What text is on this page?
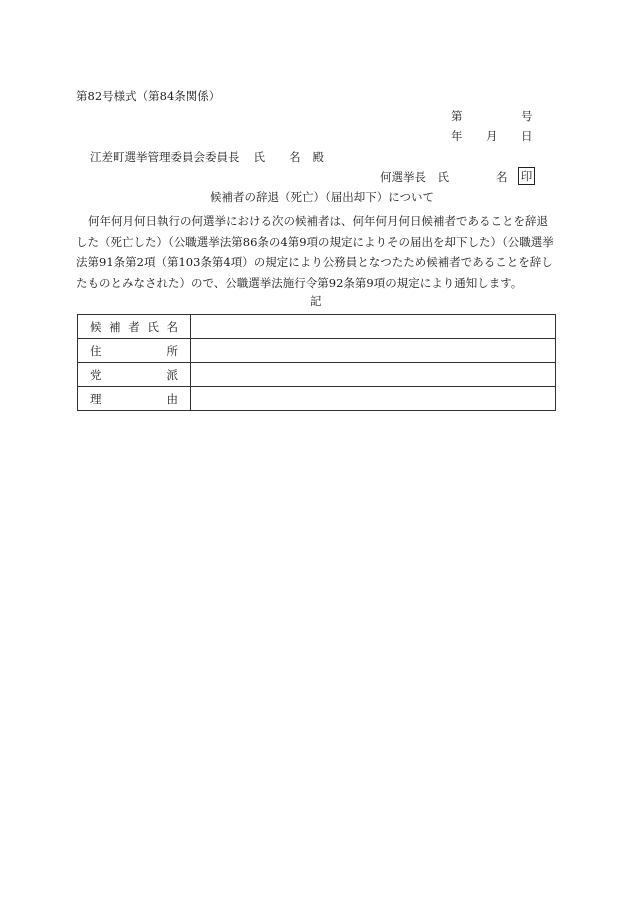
第82号様式（第84条関係）
第	号
年 月 日
江差町選挙管理委員会委員長 氏 名 殿
何選挙長　氏	名 印
候補者の辞退（死亡）（届出却下）について
何年何月何日執行の何選挙における次の候補者は、何年何月何日候補者であることを辞退した（死亡した）（公職選挙法第86条の4第9項の規定によりその届出を却下した）（公職選挙法第91条第2項（第103条第4項）の規定により公務員となつたため候補者であることを辞したものとみなされた）ので、公職選挙法施行令第92条第9項の規定により通知します。
記
候 補 者 氏 名	

住 所	

党 派	

理 由	
